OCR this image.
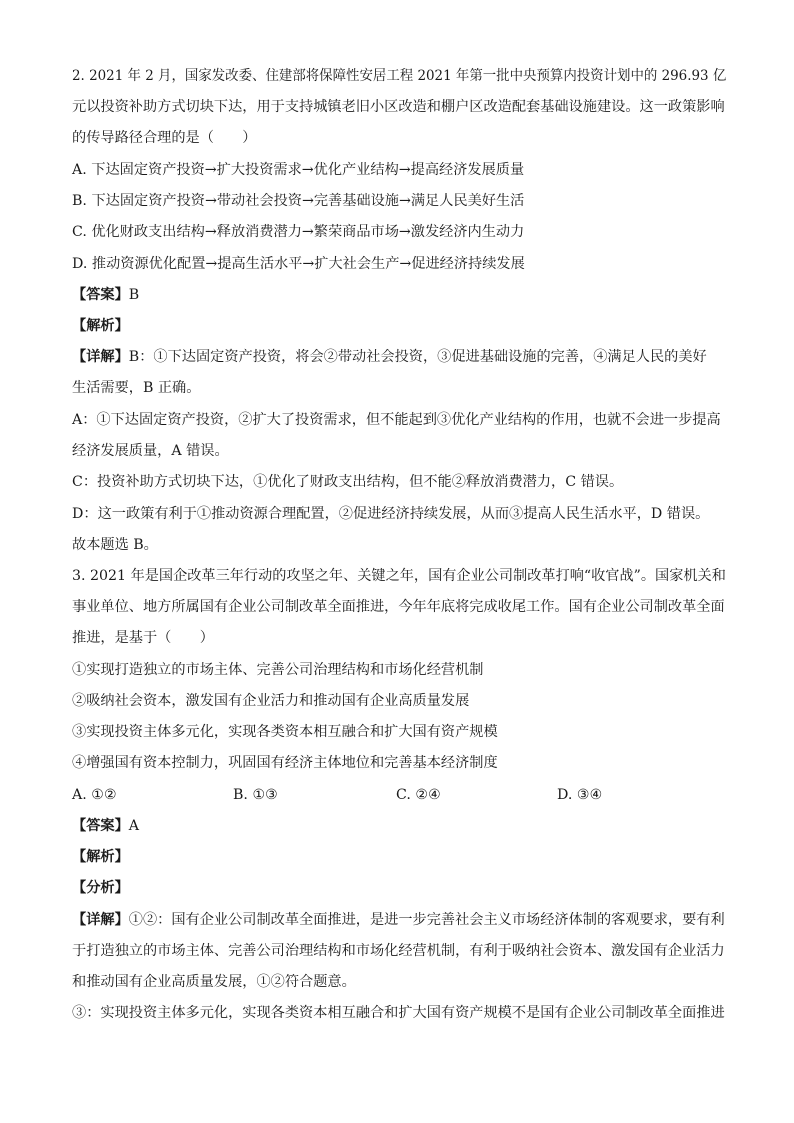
2. 2021 年 2 月，国家发改委、住建部将保障性安居工程 2021 年第一批中央预算内投资计划中的 296.93 亿
元以投资补助方式切块下达，用于支持城镇老旧小区改造和棚户区改造配套基础设施建设。这一政策影响
的传导路径合理的是（　　）
A. 下达固定资产投资→扩大投资需求→优化产业结构→提高经济发展质量
B. 下达固定资产投资→带动社会投资→完善基础设施→满足人民美好生活
C. 优化财政支出结构→释放消费潜力→繁荣商品市场→激发经济内生动力
D. 推动资源优化配置→提高生活水平→扩大社会生产→促进经济持续发展
【答案】B
【解析】
【详解】B：①下达固定资产投资，将会②带动社会投资，③促进基础设施的完善，④满足人民的美好
生活需要，B 正确。
A：①下达固定资产投资，②扩大了投资需求，但不能起到③优化产业结构的作用，也就不会进一步提高
经济发展质量，A 错误。
C：投资补助方式切块下达，①优化了财政支出结构，但不能②释放消费潜力，C 错误。
D：这一政策有利于①推动资源合理配置，②促进经济持续发展，从而③提高人民生活水平，D 错误。
故本题选 B。
3. 2021 年是国企改革三年行动的攻坚之年、关键之年，国有企业公司制改革打响“收官战”。国家机关和
事业单位、地方所属国有企业公司制改革全面推进，今年年底将完成收尾工作。国有企业公司制改革全面
推进，是基于（　　）
①实现打造独立的市场主体、完善公司治理结构和市场化经营机制
②吸纳社会资本，激发国有企业活力和推动国有企业高质量发展
③实现投资主体多元化，实现各类资本相互融合和扩大国有资产规模
④增强国有资本控制力，巩固国有经济主体地位和完善基本经济制度
A. ①②	B. ①③	C. ②④	D. ③④
【答案】A
【解析】
【分析】
【详解】①②：国有企业公司制改革全面推进，是进一步完善社会主义市场经济体制的客观要求，要有利
于打造独立的市场主体、完善公司治理结构和市场化经营机制，有利于吸纳社会资本、激发国有企业活力
和推动国有企业高质量发展，①②符合题意。
③：实现投资主体多元化，实现各类资本相互融合和扩大国有资产规模不是国有企业公司制改革全面推进
